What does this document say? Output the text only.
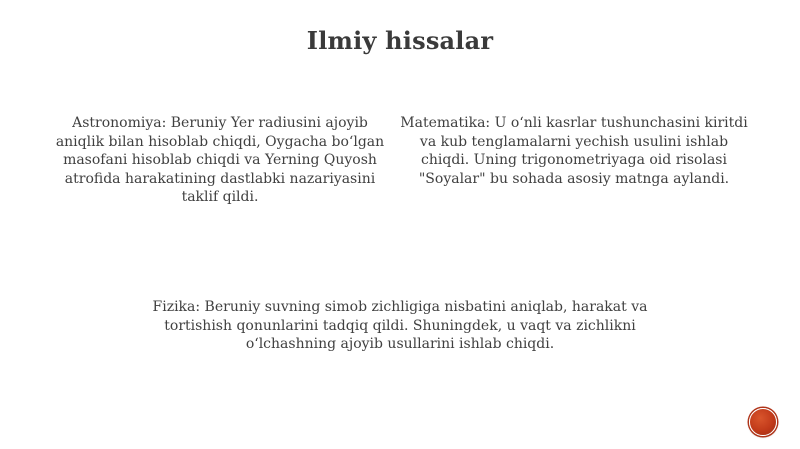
Ilmiy hissalar
Astronomiya: Beruniy Yer radiusini ajoyib aniqlik bilan hisoblab chiqdi, Oygacha bo‘lgan masofani hisoblab chiqdi va Yerning Quyosh atrofida harakatining dastlabki nazariyasini taklif qildi.
Matematika: U o‘nli kasrlar tushunchasini kiritdi va kub tenglamalarni yechish usulini ishlab chiqdi. Uning trigonometriyaga oid risolasi "Soyalar" bu sohada asosiy matnga aylandi.
Fizika: Beruniy suvning simob zichligiga nisbatini aniqlab, harakat va tortishish qonunlarini tadqiq qildi. Shuningdek, u vaqt va zichlikni o‘lchashning ajoyib usullarini ishlab chiqdi.
